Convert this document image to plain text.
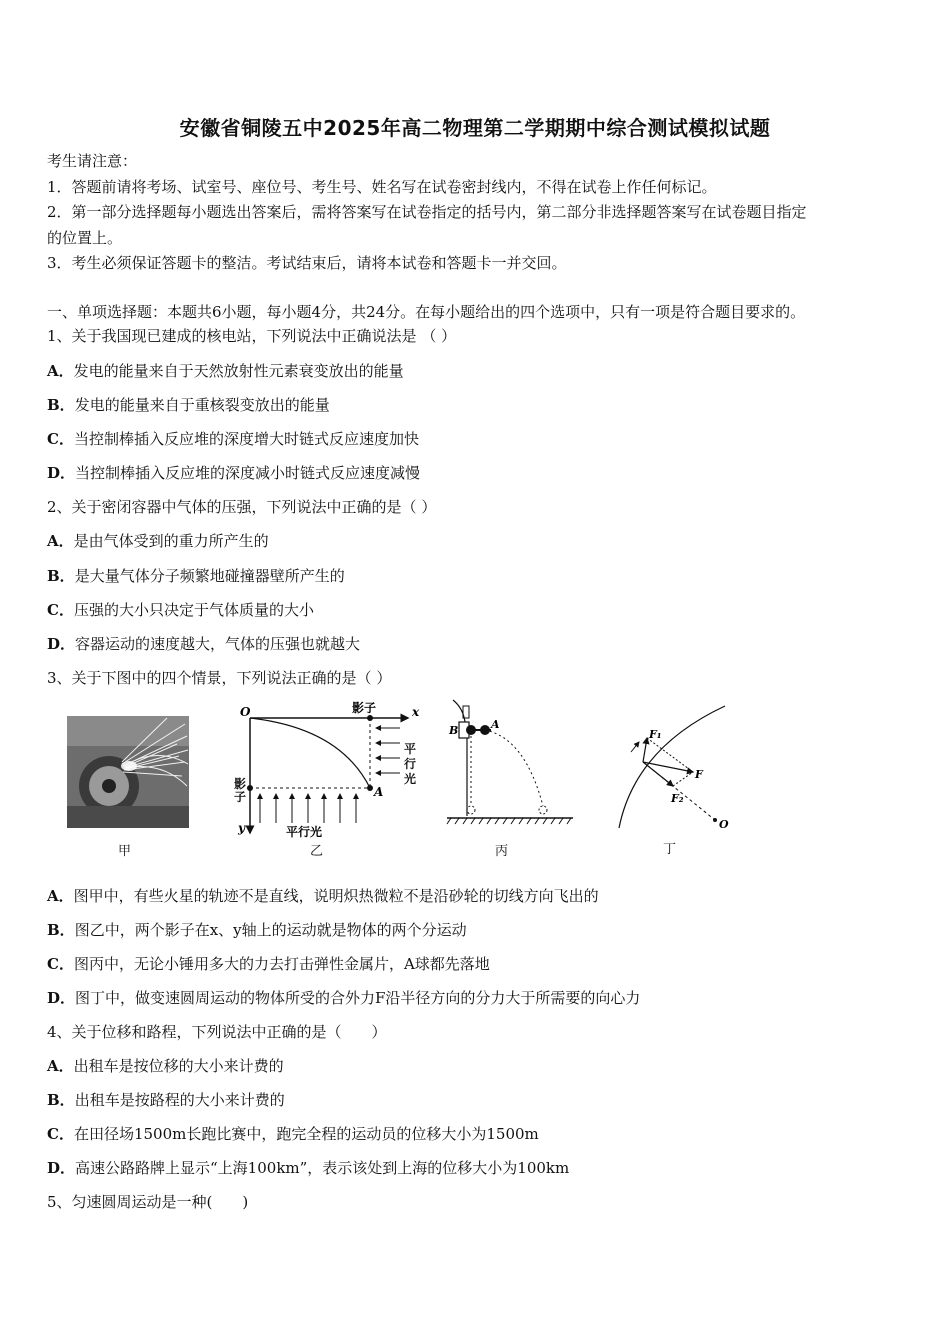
安徽省铜陵五中2025年高二物理第二学期期中综合测试模拟试题
考生请注意：
1．答题前请将考场、试室号、座位号、考生号、姓名写在试卷密封线内，不得在试卷上作任何标记。
2．第一部分选择题每小题选出答案后，需将答案写在试卷指定的括号内，第二部分非选择题答案写在试卷题目指定
的位置上。
3．考生必须保证答题卡的整洁。考试结束后，请将本试卷和答题卡一并交回。
一、单项选择题：本题共6小题，每小题4分，共24分。在每小题给出的四个选项中，只有一项是符合题目要求的。
1、关于我国现已建成的核电站，下列说法中正确说法是 （ ）
A．发电的能量来自于天然放射性元素衰变放出的能量
B．发电的能量来自于重核裂变放出的能量
C．当控制棒插入反应堆的深度增大时链式反应速度加快
D．当控制棒插入反应堆的深度减小时链式反应速度减慢
2、关于密闭容器中气体的压强，下列说法中正确的是（ ）
A．是由气体受到的重力所产生的
B．是大量气体分子频繁地碰撞器壁所产生的
C．压强的大小只决定于气体质量的大小
D．容器运动的速度越大，气体的压强也就越大
3、关于下图中的四个情景，下列说法正确的是（ ）
甲
O	影子	x
A
y	平行光
影子
平行光
乙
A
B
丙
F₁
F
F₂
O
丁
A．图甲中，有些火星的轨迹不是直线，说明炽热微粒不是沿砂轮的切线方向飞出的
B．图乙中，两个影子在x、y轴上的运动就是物体的两个分运动
C．图丙中，无论小锤用多大的力去打击弹性金属片，A球都先落地
D．图丁中，做变速圆周运动的物体所受的合外力F沿半径方向的分力大于所需要的向心力
4、关于位移和路程，下列说法中正确的是（　　）
A．出租车是按位移的大小来计费的
B．出租车是按路程的大小来计费的
C．在田径场1500m长跑比赛中，跑完全程的运动员的位移大小为1500m
D．高速公路路牌上显示“上海100km”，表示该处到上海的位移大小为100km
5、匀速圆周运动是一种(　　)
